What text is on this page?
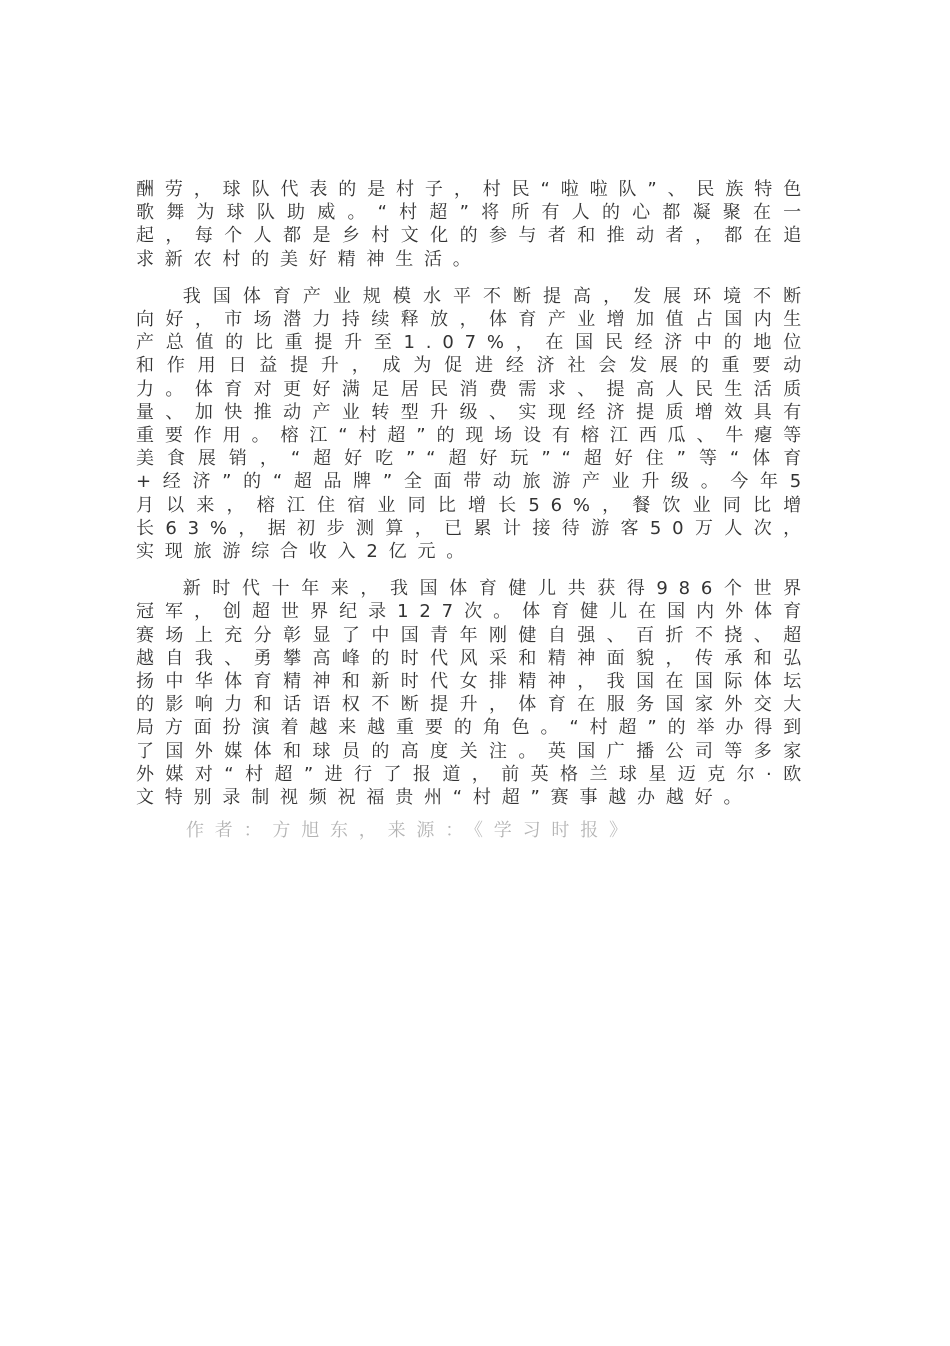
酬劳，球队代表的是村子，村民“啦啦队”、民族特色歌舞为球队助威。“村超”将所有人的心都凝聚在一起，每个人都是乡村文化的参与者和推动者，都在追求新农村的美好精神生活。

我国体育产业规模水平不断提高，发展环境不断向好，市场潜力持续释放，体育产业增加值占国内生产总值的比重提升至1.07%，在国民经济中的地位和作用日益提升，成为促进经济社会发展的重要动力。体育对更好满足居民消费需求、提高人民生活质量、加快推动产业转型升级、实现经济提质增效具有重要作用。榕江“村超”的现场设有榕江西瓜、牛瘪等美食展销，“超好吃”“超好玩”“超好住”等“体育+经济”的“超品牌”全面带动旅游产业升级。今年5月以来，榕江住宿业同比增长56%，餐饮业同比增长63%，据初步测算，已累计接待游客50万人次，实现旅游综合收入2亿元。

新时代十年来，我国体育健儿共获得986个世界冠军，创超世界纪录127次。体育健儿在国内外体育赛场上充分彰显了中国青年刚健自强、百折不挠、超越自我、勇攀高峰的时代风采和精神面貌，传承和弘扬中华体育精神和新时代女排精神，我国在国际体坛的影响力和话语权不断提升，体育在服务国家外交大局方面扮演着越来越重要的角色。“村超”的举办得到了国外媒体和球员的高度关注。英国广播公司等多家外媒对“村超”进行了报道，前英格兰球星迈克尔·欧文特别录制视频祝福贵州“村超”赛事越办越好。

作者：方旭东，来源：《学习时报》
